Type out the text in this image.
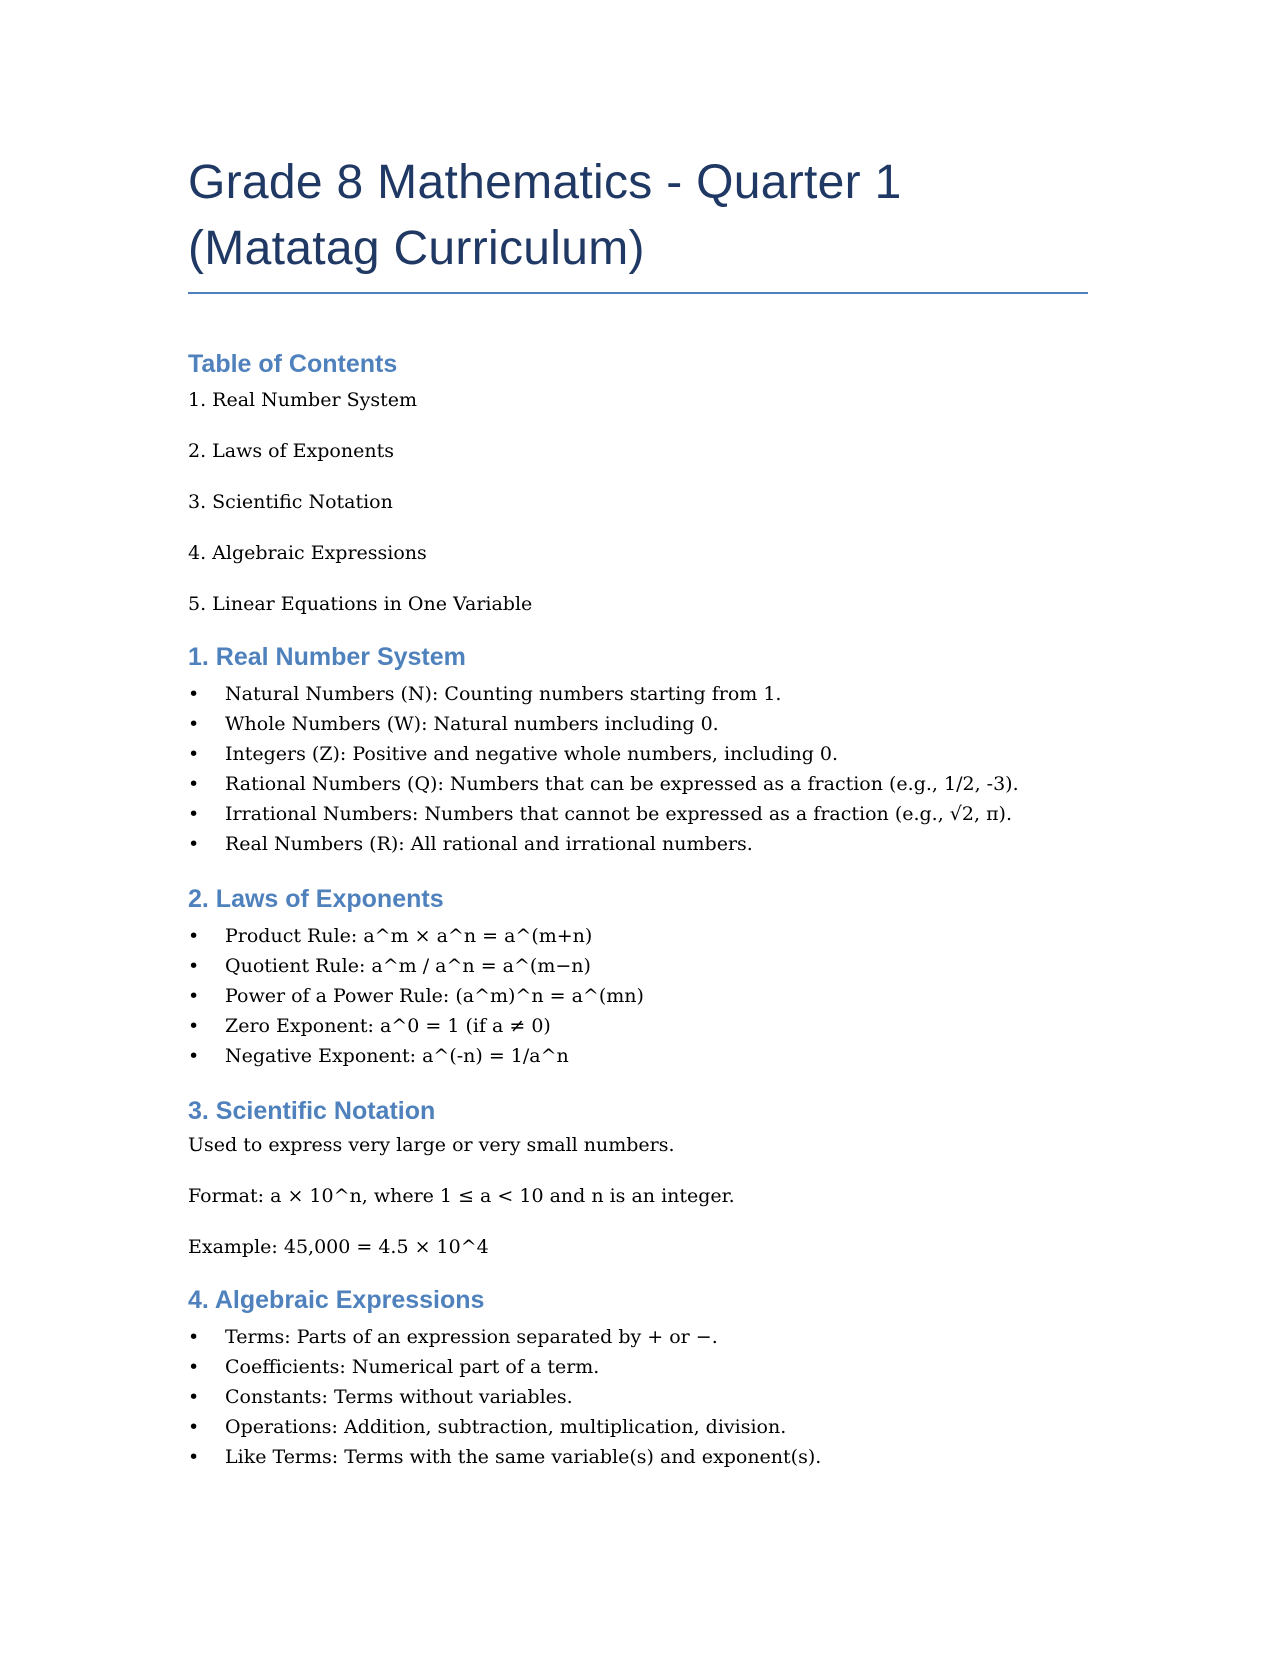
Grade 8 Mathematics - Quarter 1 (Matatag Curriculum)
Table of Contents

1. Real Number System

2. Laws of Exponents

3. Scientific Notation

4. Algebraic Expressions

5. Linear Equations in One Variable

1. Real Number System
• Natural Numbers (N): Counting numbers starting from 1.
• Whole Numbers (W): Natural numbers including 0.
• Integers (Z): Positive and negative whole numbers, including 0.
• Rational Numbers (Q): Numbers that can be expressed as a fraction (e.g., 1/2, -3).
• Irrational Numbers: Numbers that cannot be expressed as a fraction (e.g., √2, π).
• Real Numbers (R): All rational and irrational numbers.
2. Laws of Exponents
• Product Rule: a^m × a^n = a^(m+n)
• Quotient Rule: a^m / a^n = a^(m−n)
• Power of a Power Rule: (a^m)^n = a^(mn)
• Zero Exponent: a^0 = 1 (if a ≠ 0)
• Negative Exponent: a^(-n) = 1/a^n
3. Scientific Notation

Used to express very large or very small numbers.

Format: a × 10^n, where 1 ≤ a < 10 and n is an integer.

Example: 45,000 = 4.5 × 10^4

4. Algebraic Expressions
• Terms: Parts of an expression separated by + or −.
• Coefficients: Numerical part of a term.
• Constants: Terms without variables.
• Operations: Addition, subtraction, multiplication, division.
• Like Terms: Terms with the same variable(s) and exponent(s).
